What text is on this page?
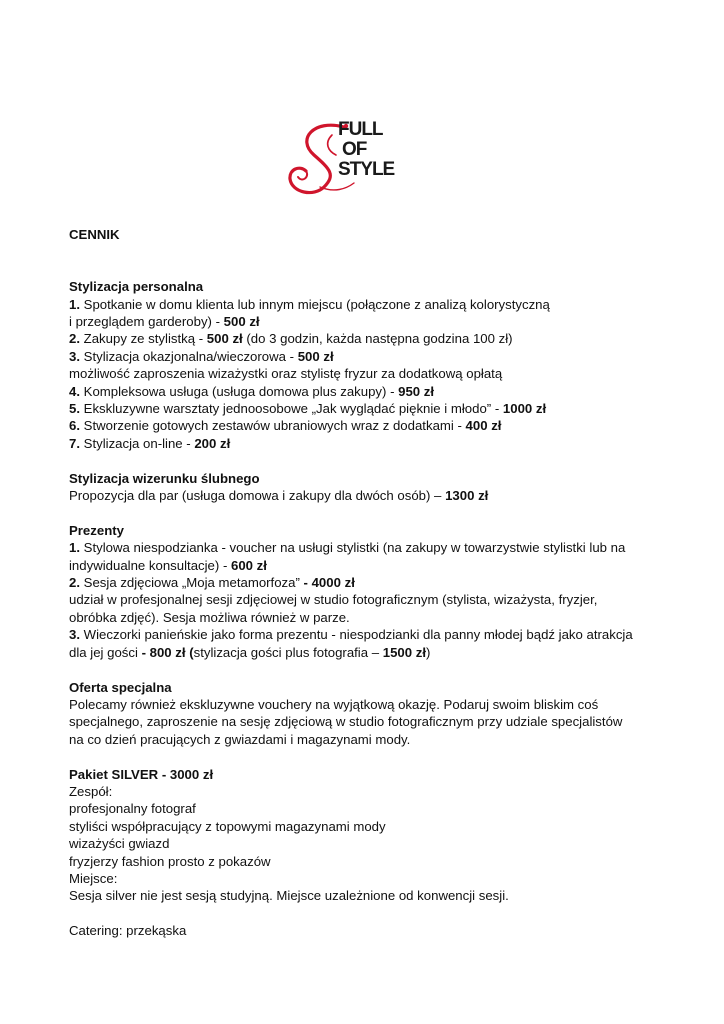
FULL
OF
STYLE

CENNIK

Stylizacja personalna

1. Spotkanie w domu klienta lub innym miejscu (połączone z analizą kolorystyczną

i przeglądem garderoby) - 500 zł

2. Zakupy ze stylistką - 500 zł (do 3 godzin, każda następna godzina 100 zł)

3. Stylizacja okazjonalna/wieczorowa - 500 zł

możliwość zaproszenia wizażystki oraz stylistę fryzur za dodatkową opłatą

4. Kompleksowa usługa (usługa domowa plus zakupy) - 950 zł

5. Ekskluzywne warsztaty jednoosobowe „Jak wyglądać pięknie i młodo” - 1000 zł

6. Stworzenie gotowych zestawów ubraniowych wraz z dodatkami - 400 zł

7. Stylizacja on-line - 200 zł

Stylizacja wizerunku ślubnego

Propozycja dla par (usługa domowa i zakupy dla dwóch osób) – 1300 zł

Prezenty

1. Stylowa niespodzianka - voucher na usługi stylistki (na zakupy w towarzystwie stylistki lub na

indywidualne konsultacje) - 600 zł

2. Sesja zdjęciowa „Moja metamorfoza” - 4000 zł

udział w profesjonalnej sesji zdjęciowej w studio fotograficznym (stylista, wizażysta, fryzjer,

obróbka zdjęć). Sesja możliwa również w parze.

3. Wieczorki panieńskie jako forma prezentu - niespodzianki dla panny młodej bądź jako atrakcja

dla jej gości - 800 zł (stylizacja gości plus fotografia – 1500 zł)

Oferta specjalna

Polecamy również ekskluzywne vouchery na wyjątkową okazję. Podaruj swoim bliskim coś

specjalnego, zaproszenie na sesję zdjęciową w studio fotograficznym przy udziale specjalistów

na co dzień pracujących z gwiazdami i magazynami mody.

Pakiet SILVER - 3000 zł

Zespół:

profesjonalny fotograf

styliści współpracujący z topowymi magazynami mody

wizażyści gwiazd

fryzjerzy fashion prosto z pokazów

Miejsce:

Sesja silver nie jest sesją studyjną. Miejsce uzależnione od konwencji sesji.

Catering: przekąska
